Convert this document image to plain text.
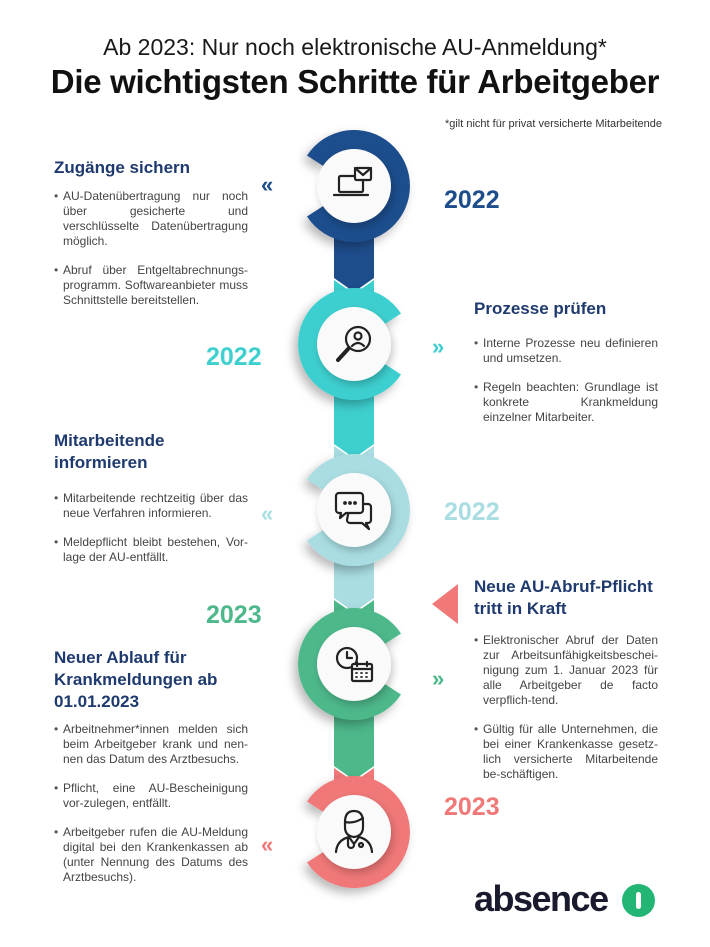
Ab 2023: Nur noch elektronische AU-Anmeldung*
Die wichtigsten Schritte für Arbeitgeber
*gilt nicht für privat versicherte Mitarbeitende
Zugänge sichern
• AU-Datenübertragung nur noch über gesicherte und verschlüsselte Datenübertragung möglich.
• Abruf über Entgeltabrechnungs-programm. Softwareanbieter muss Schnittstelle bereitstellen.
«
2022
Prozesse prüfen
• Interne Prozesse neu definieren und umsetzen.
• Regeln beachten: Grundlage ist konkrete Krankmeldung einzelner Mitarbeiter.
»
2022
Mitarbeitende
informieren
• Mitarbeitende rechtzeitig über das neue Verfahren informieren.
• Meldepflicht bleibt bestehen, Vor-lage der AU-entfällt.
«	2022
Neue AU-Abruf-Pflicht
tritt in Kraft
• Elektronischer Abruf der Daten zur Arbeitsunfähigkeitsbeschei-nigung zum 1. Januar 2023 für alle Arbeitgeber de facto verpflich-tend.
• Gültig für alle Unternehmen, die bei einer Krankenkasse gesetz-lich versicherte Mitarbeitende be-schäftigen.
2023
Neuer Ablauf für
Krankmeldungen ab
01.01.2023
• Arbeitnehmer*innen melden sich beim Arbeitgeber krank und nen-nen das Datum des Arztbesuchs.
• Pflicht, eine AU-Bescheinigung vor-zulegen, entfällt.
• Arbeitgeber rufen die AU-Meldung digital bei den Krankenkassen ab (unter Nennung des Datums des Arztbesuchs).
»
2023
«
absence
